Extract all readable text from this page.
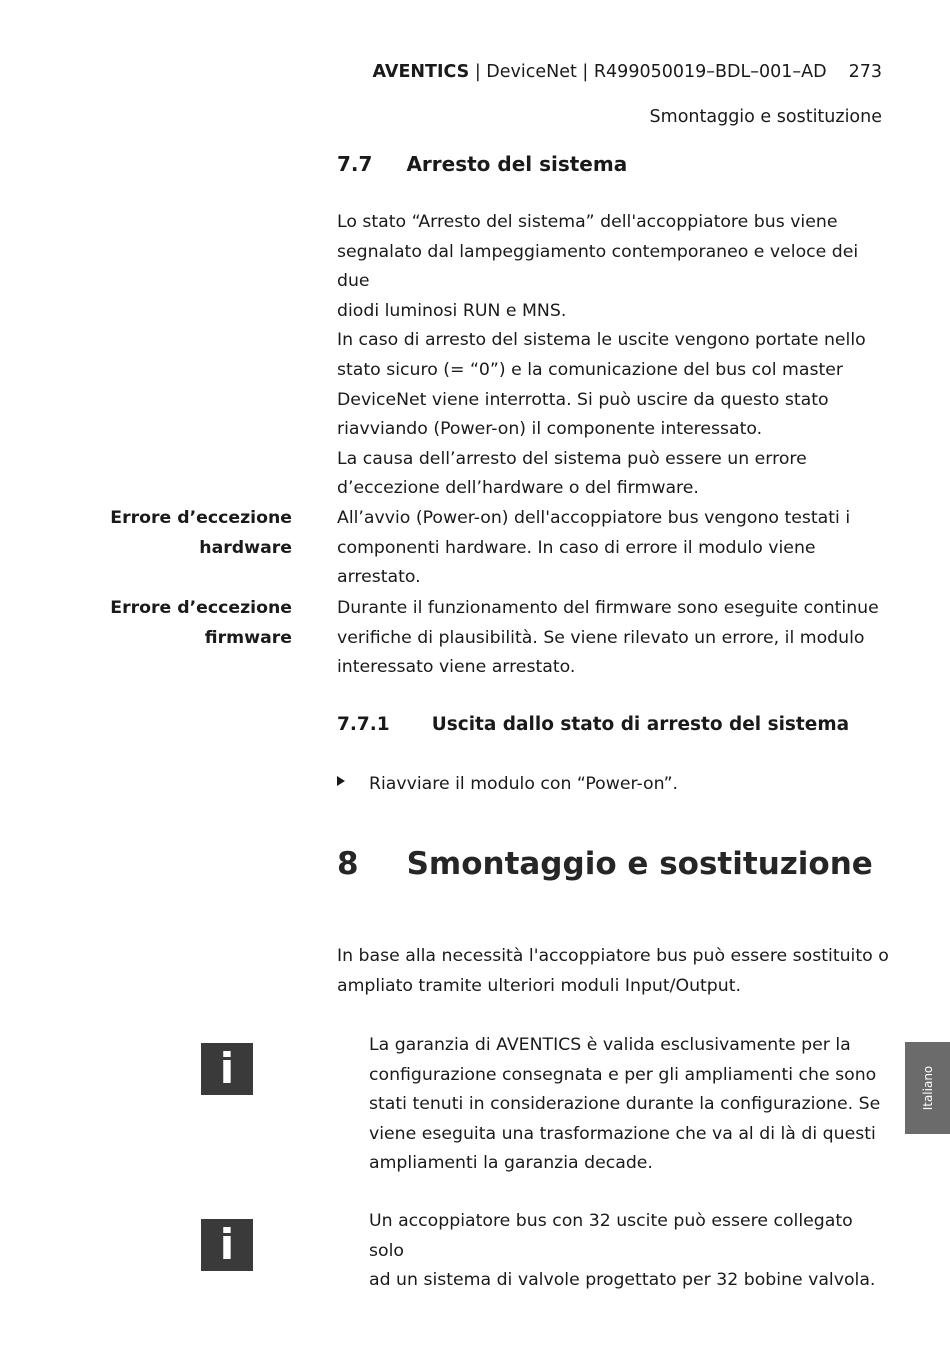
AVENTICS | DeviceNet | R499050019–BDL–001–AD 273
Smontaggio e sostituzione
7.7 Arresto del sistema

Lo stato “Arresto del sistema” dell'accoppiatore bus viene

segnalato dal lampeggiamento contemporaneo e veloce dei due

diodi luminosi RUN e MNS.

In caso di arresto del sistema le uscite vengono portate nello

stato sicuro (= “0”) e la comunicazione del bus col master

DeviceNet viene interrotta. Si può uscire da questo stato

riavviando (Power-on) il componente interessato.

La causa dell’arresto del sistema può essere un errore

d’eccezione dell’hardware o del firmware.

Errore d’eccezione
hardware

All’avvio (Power-on) dell'accoppiatore bus vengono testati i

componenti hardware. In caso di errore il modulo viene arrestato.

Errore d’eccezione
firmware

Durante il funzionamento del firmware sono eseguite continue

verifiche di plausibilità. Se viene rilevato un errore, il modulo

interessato viene arrestato.

7.7.1 Uscita dallo stato di arresto del sistema
Riavviare il modulo con “Power-on”.
8 Smontaggio e sostituzione

In base alla necessità l'accoppiatore bus può essere sostituito o

ampliato tramite ulteriori moduli Input/Output.

i	La garanzia di AVENTICS è valida esclusivamente per la

configurazione consegnata e per gli ampliamenti che sono

stati tenuti in considerazione durante la configurazione. Se

viene eseguita una trasformazione che va al di là di questi

ampliamenti la garanzia decade.

i	Un accoppiatore bus con 32 uscite può essere collegato solo

ad un sistema di valvole progettato per 32 bobine valvola.

Italiano
